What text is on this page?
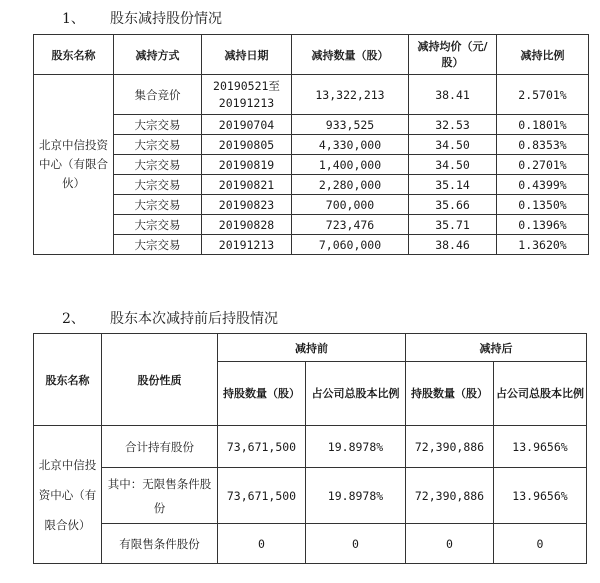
1、 股东减持股份情况
股东名称	减持方式	减持日期	减持数量（股）	减持均价（元/股）	减持比例
北京中信投资中心（有限合伙）	集合竞价	20190521至20191213	13,322,213	38.41	2.5701%
	大宗交易	20190704	933,525	32.53	0.1801%
	大宗交易	20190805	4,330,000	34.50	0.8353%
	大宗交易	20190819	1,400,000	34.50	0.2701%
	大宗交易	20190821	2,280,000	35.14	0.4399%
	大宗交易	20190823	700,000	35.66	0.1350%
	大宗交易	20190828	723,476	35.71	0.1396%
	大宗交易	20191213	7,060,000	38.46	1.3620%
2、 股东本次减持前后持股情况
股东名称	股份性质	减持前		减持后	
		持股数量（股）	占公司总股本比例	持股数量（股）	占公司总股本比例
北京中信投资中心（有限合伙）	合计持有股份	73,671,500	19.8978%	72,390,886	13.9656%
	其中：无限售条件股份	73,671,500	19.8978%	72,390,886	13.9656%
	有限售条件股份	0	0	0	0
